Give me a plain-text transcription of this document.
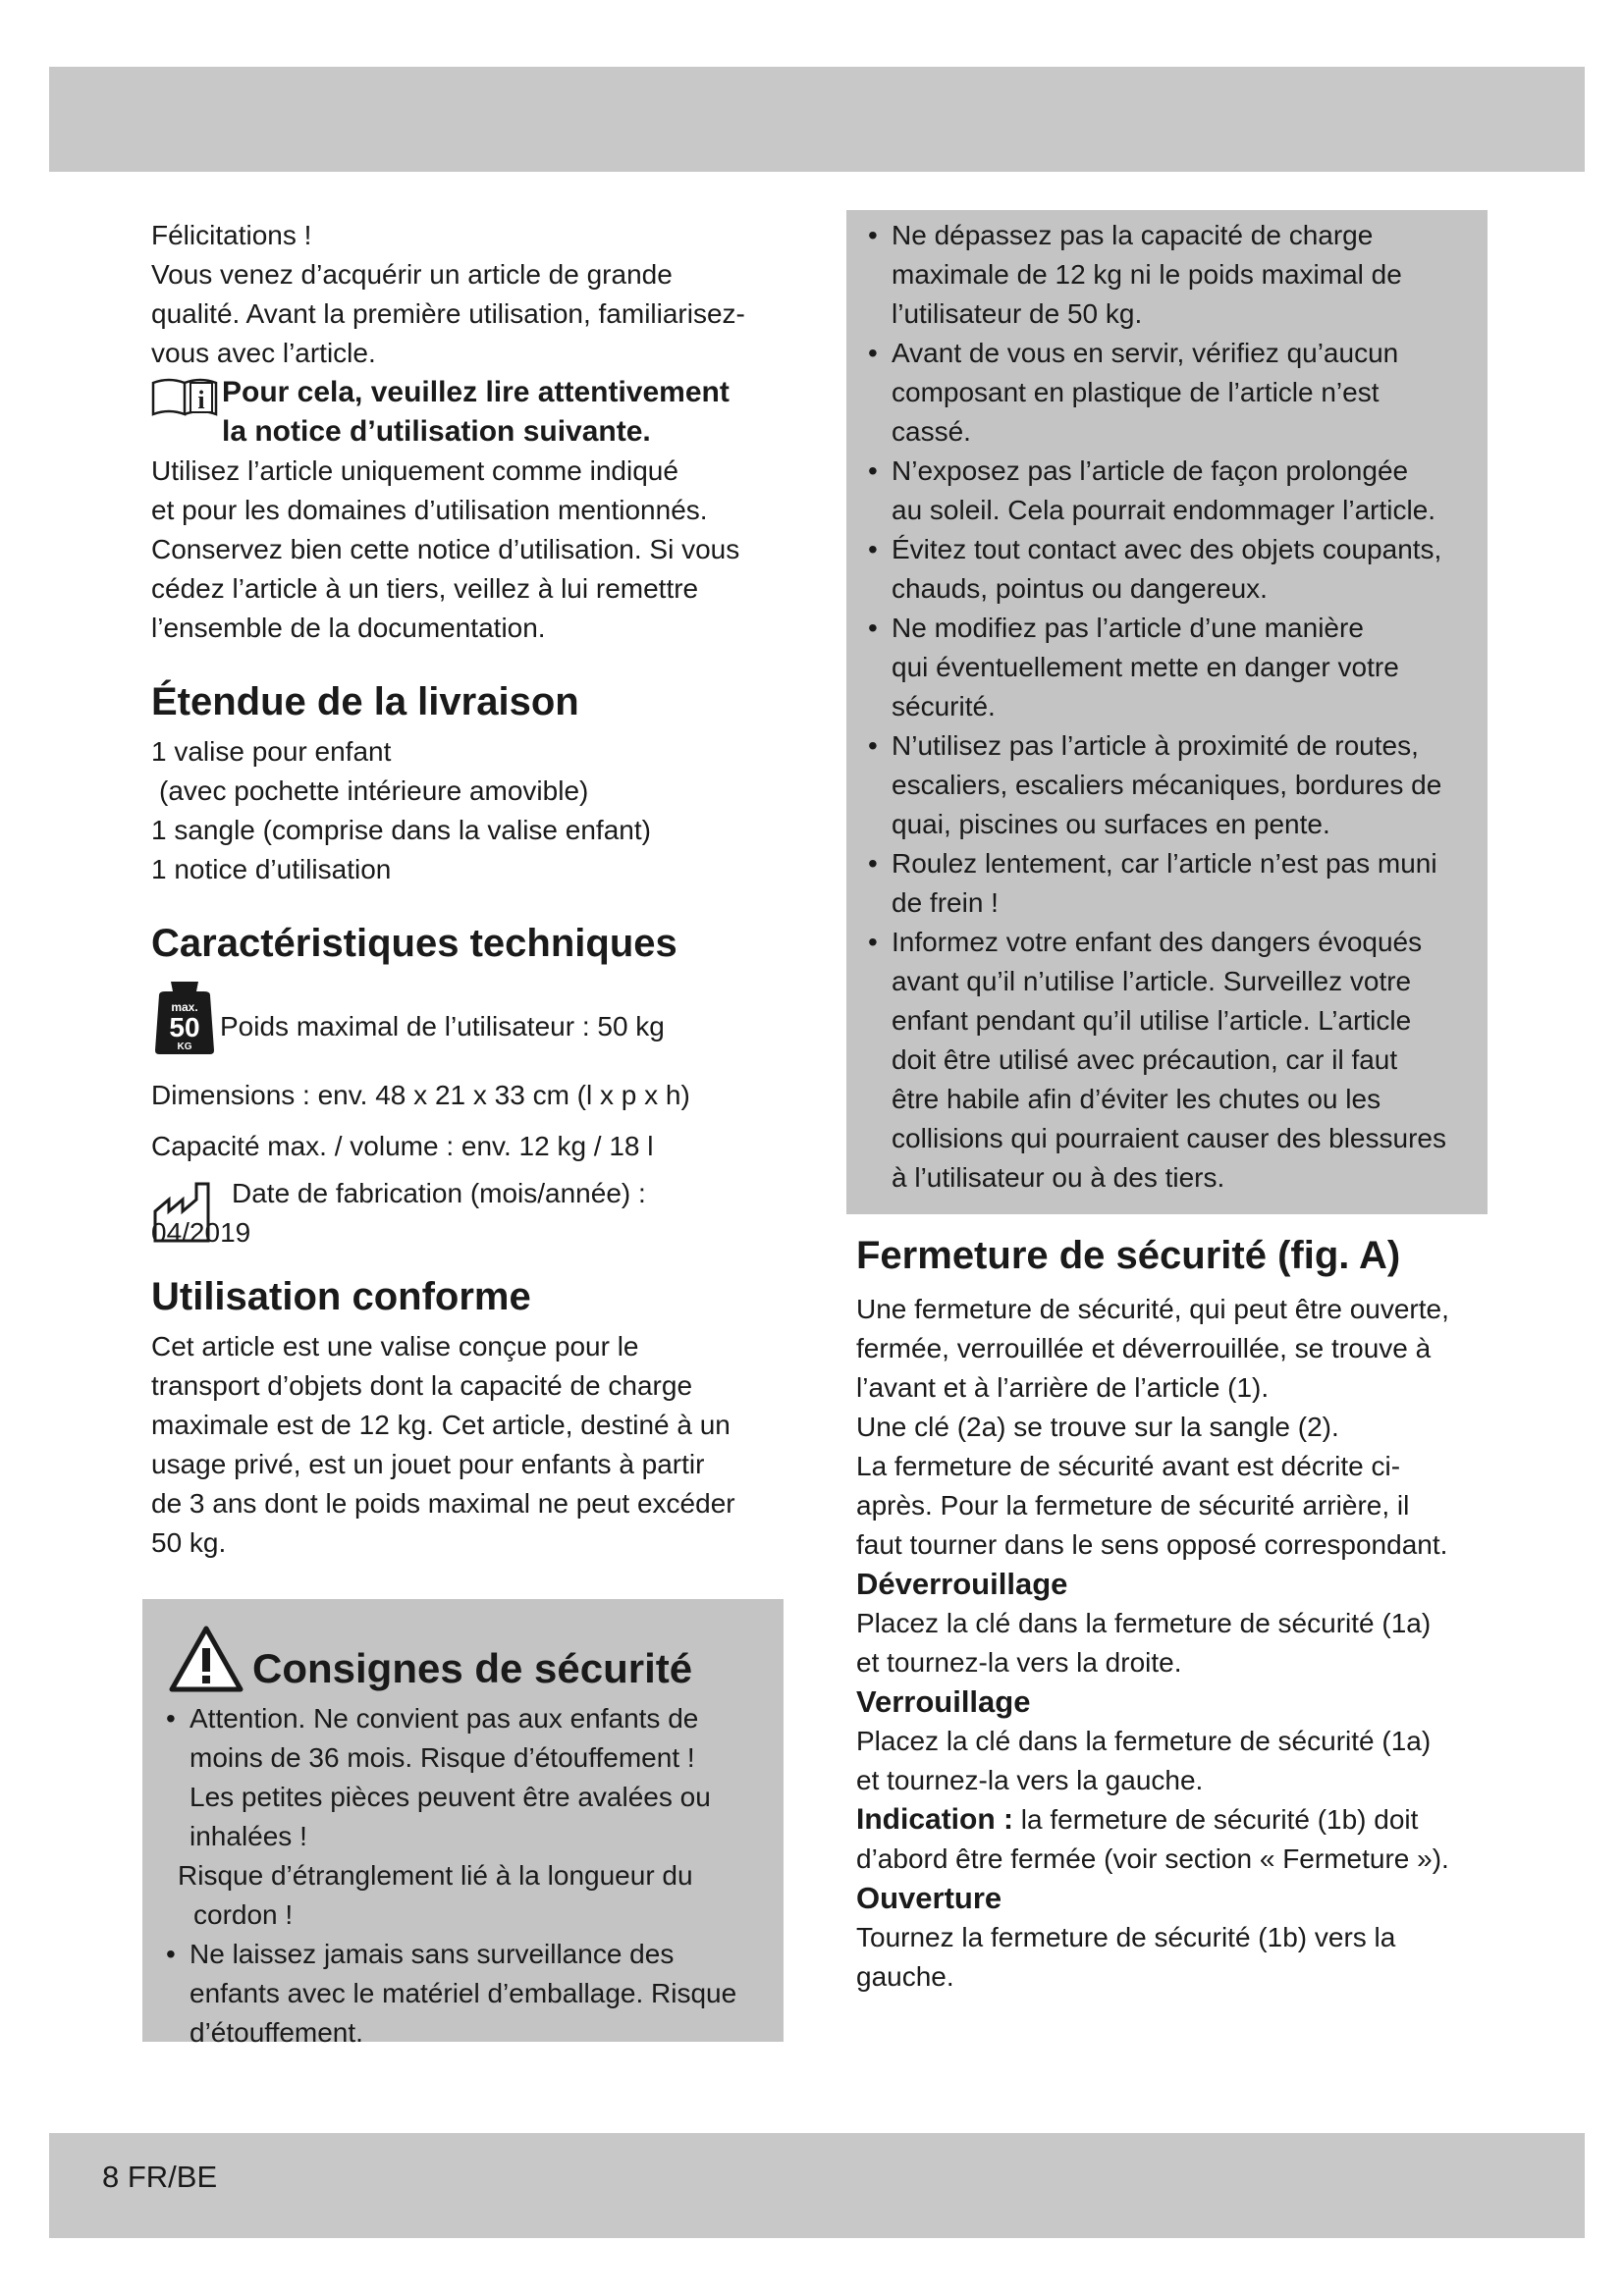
Félicitations !

Vous venez d’acquérir un article de grande

qualité. Avant la première utilisation, familiarisez-

vous avec l’article.

i Pour cela, veuillez lire attentivement

la notice d’utilisation suivante.

Utilisez l’article uniquement comme indiqué

et pour les domaines d’utilisation mentionnés.

Conservez bien cette notice d’utilisation. Si vous

cédez l’article à un tiers, veillez à lui remettre

l’ensemble de la documentation.

Étendue de la livraison

1 valise pour enfant

(avec pochette intérieure amovible)

1 sangle (comprise dans la valise enfant)

1 notice d’utilisation

Caractéristiques techniques
max.
50
KG

Poids maximal de l’utilisateur : 50 kg

Dimensions : env. 48 x 21 x 33 cm (l x p x h)

Capacité max. / volume : env. 12 kg / 18 l

Date de fabrication (mois/année) :

04/2019

Utilisation conforme

Cet article est une valise conçue pour le

transport d’objets dont la capacité de charge

maximale est de 12 kg. Cet article, destiné à un

usage privé, est un jouet pour enfants à partir

de 3 ans dont le poids maximal ne peut excéder

50 kg.

Consignes de sécurité
• Attention. Ne convient pas aux enfants de
moins de 36 mois. Risque d’étouffement !
Les petites pièces peuvent être avalées ou
inhalées !

Risque d’étranglement lié à la longueur du

cordon !

• Ne laissez jamais sans surveillance des
enfants avec le matériel d’emballage. Risque
d’étouffement.
• Ne dépassez pas la capacité de charge
maximale de 12 kg ni le poids maximal de
l’utilisateur de 50 kg.
• Avant de vous en servir, vérifiez qu’aucun
composant en plastique de l’article n’est
cassé.
• N’exposez pas l’article de façon prolongée
au soleil. Cela pourrait endommager l’article.
• Évitez tout contact avec des objets coupants,
chauds, pointus ou dangereux.
• Ne modifiez pas l’article d’une manière
qui éventuellement mette en danger votre
sécurité.
• N’utilisez pas l’article à proximité de routes,
escaliers, escaliers mécaniques, bordures de
quai, piscines ou surfaces en pente.
• Roulez lentement, car l’article n’est pas muni
de frein !
• Informez votre enfant des dangers évoqués
avant qu’il n’utilise l’article. Surveillez votre
enfant pendant qu’il utilise l’article. L’article
doit être utilisé avec précaution, car il faut
être habile afin d’éviter les chutes ou les
collisions qui pourraient causer des blessures
à l’utilisateur ou à des tiers.
Fermeture de sécurité (fig. A)

Une fermeture de sécurité, qui peut être ouverte,

fermée, verrouillée et déverrouillée, se trouve à

l’avant et à l’arrière de l’article (1).

Une clé (2a) se trouve sur la sangle (2).

La fermeture de sécurité avant est décrite ci-

après. Pour la fermeture de sécurité arrière, il

faut tourner dans le sens opposé correspondant.

Déverrouillage

Placez la clé dans la fermeture de sécurité (1a)

et tournez-la vers la droite.

Verrouillage

Placez la clé dans la fermeture de sécurité (1a)

et tournez-la vers la gauche.

Indication : la fermeture de sécurité (1b) doit

d’abord être fermée (voir section « Fermeture »).

Ouverture

Tournez la fermeture de sécurité (1b) vers la

gauche.

8 FR/BE
